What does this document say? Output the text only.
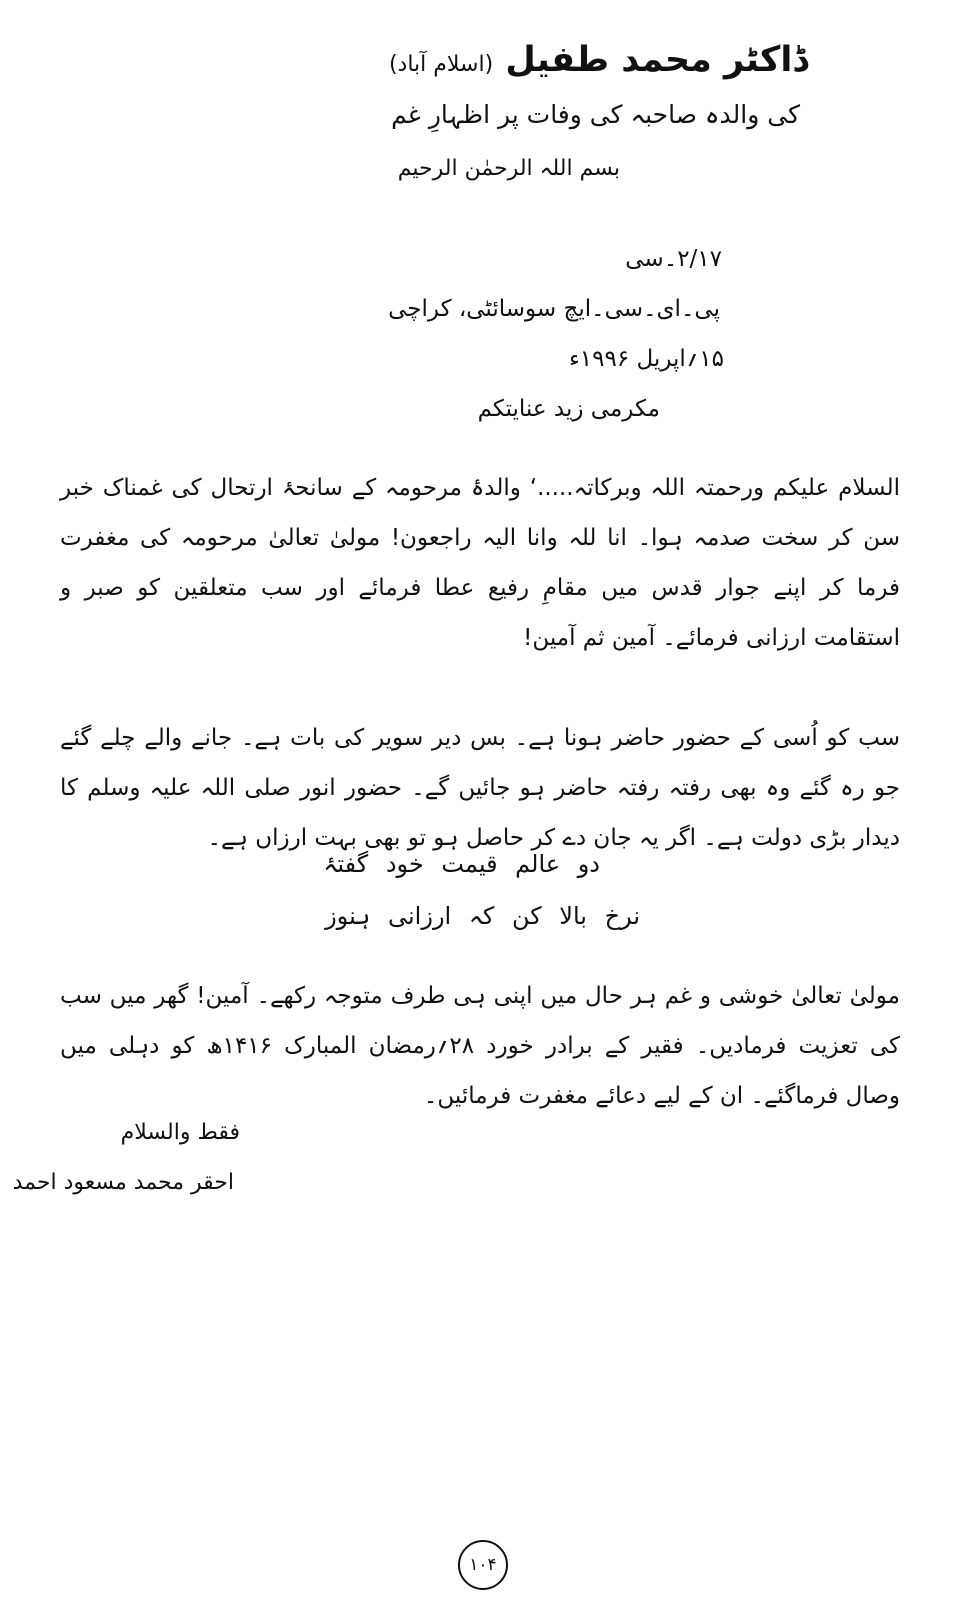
ڈاکٹر محمد طفیل (اسلام آباد)
کی والدہ صاحبہ کی وفات پر اظہارِ غم
بسم اللہ الرحمٰن الرحیم
۲/۱۷۔سی
پی۔ای۔سی۔ایچ سوسائٹی، کراچی
۱۵؍اپریل ۱۹۹۶ء
مکرمی زید عنایتکم

السلام علیکم ورحمتہ اللہ وبرکاتہ.....‘ والدۂ مرحومہ کے سانحۂ ارتحال کی غمناک خبر سن کر سخت صدمہ ہوا۔ انا للہ وانا الیہ راجعون! مولیٰ تعالیٰ مرحومہ کی مغفرت فرما کر اپنے جوار قدس میں مقامِ رفیع عطا فرمائے اور سب متعلقین کو صبر و استقامت ارزانی فرمائے۔ آمین ثم آمین!

سب کو اُسی کے حضور حاضر ہونا ہے۔ بس دیر سویر کی بات ہے۔ جانے والے چلے گئے جو رہ گئے وہ بھی رفتہ رفتہ حاضر ہو جائیں گے۔ حضور انور صلی اللہ علیہ وسلم کا دیدار بڑی دولت ہے۔ اگر یہ جان دے کر حاصل ہو تو بھی بہت ارزاں ہے۔

دو عالم قیمت خود گفتۂ
نرخ بالا کن کہ ارزانی ہنوز

مولیٰ تعالیٰ خوشی و غم ہر حال میں اپنی ہی طرف متوجہ رکھے۔ آمین! گھر میں سب کی تعزیت فرمادیں۔ فقیر کے برادر خورد ۲۸؍رمضان المبارک ۱۴۱۶ھ کو دہلی میں وصال فرماگئے۔ ان کے لیے دعائے مغفرت فرمائیں۔

فقط والسلام
احقر محمد مسعود احمد
۱۰۴
